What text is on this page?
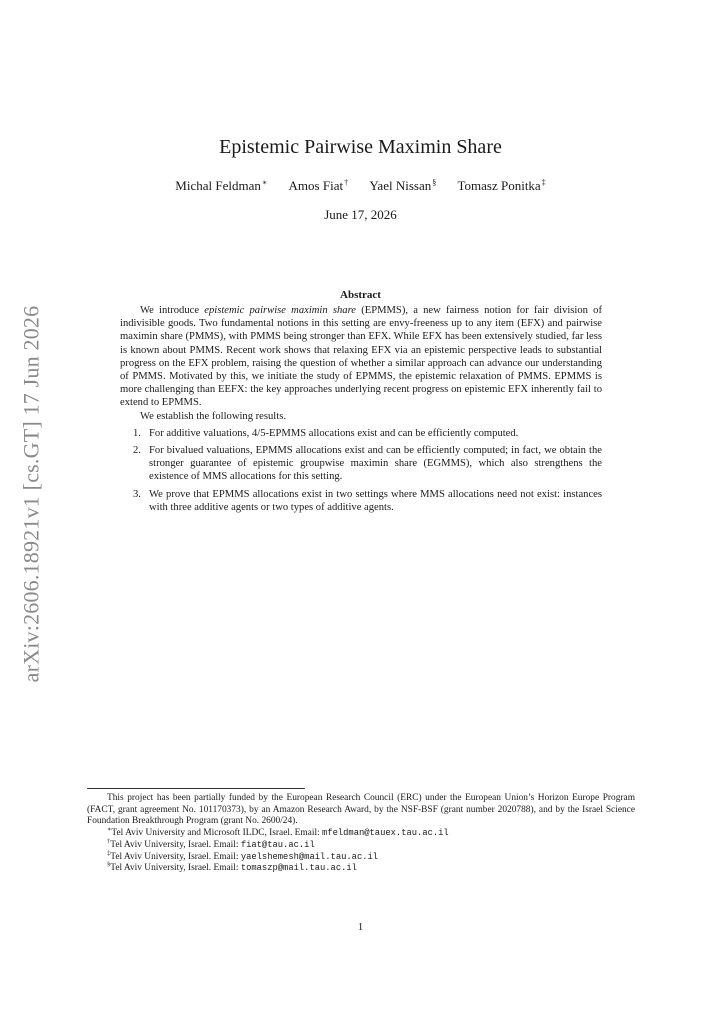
arXiv:2606.18921v1 [cs.GT] 17 Jun 2026
Epistemic Pairwise Maximin Share
Michal Feldman∗ Amos Fiat† Yael Nissan§ Tomasz Ponitka‡
June 17, 2026
Abstract

We introduce epistemic pairwise maximin share (EPMMS), a new fairness notion for fair division of indivisible goods. Two fundamental notions in this setting are envy-freeness up to any item (EFX) and pairwise maximin share (PMMS), with PMMS being stronger than EFX. While EFX has been extensively studied, far less is known about PMMS. Recent work shows that relaxing EFX via an epistemic perspective leads to substantial progress on the EFX problem, raising the question of whether a similar approach can advance our understanding of PMMS. Motivated by this, we initiate the study of EPMMS, the epistemic relaxation of PMMS. EPMMS is more challenging than EEFX: the key approaches underlying recent progress on epistemic EFX inherently fail to extend to EPMMS.

We establish the following results.

1. For additive valuations, 4/5-EPMMS allocations exist and can be efficiently computed.
2. For bivalued valuations, EPMMS allocations exist and can be efficiently computed; in fact, we obtain the stronger guarantee of epistemic groupwise maximin share (EGMMS), which also strengthens the existence of MMS allocations for this setting.
3. We prove that EPMMS allocations exist in two settings where MMS allocations need not exist: instances with three additive agents or two types of additive agents.

This project has been partially funded by the European Research Council (ERC) under the European Union’s Horizon Europe Program (FACT, grant agreement No. 101170373), by an Amazon Research Award, by the NSF-BSF (grant number 2020788), and by the Israel Science Foundation Breakthrough Program (grant No. 2600/24).

∗Tel Aviv University and Microsoft ILDC, Israel. Email: mfeldman@tauex.tau.ac.il

†Tel Aviv University, Israel. Email: fiat@tau.ac.il

‡Tel Aviv University, Israel. Email: yaelshemesh@mail.tau.ac.il

§Tel Aviv University, Israel. Email: tomaszp@mail.tau.ac.il

1
